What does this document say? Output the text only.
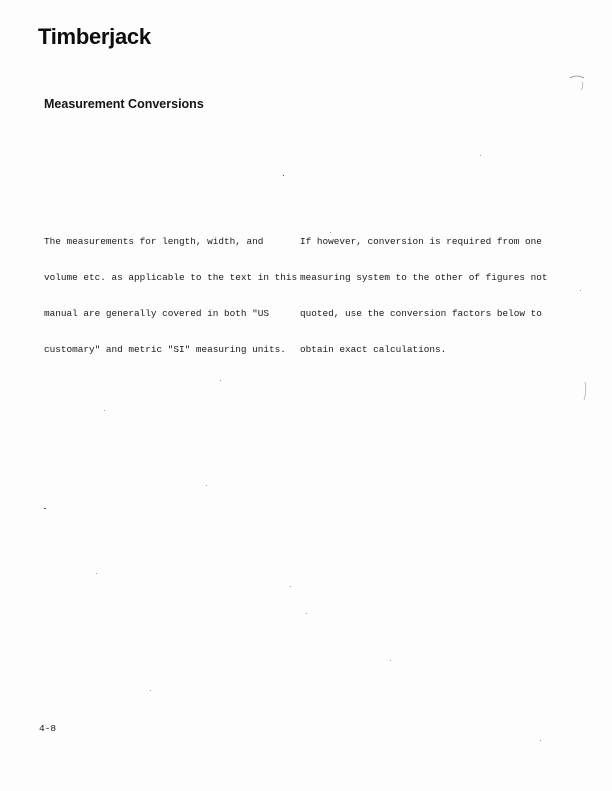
Timberjack
Measurement Conversions

The measurements for length, width, and

volume etc. as applicable to the text in this

manual are generally covered in both "US

customary" and metric "SI" measuring units.

If however, conversion is required from one

measuring system to the other of figures not

quoted, use the conversion factors below to

obtain exact calculations.

4-8
